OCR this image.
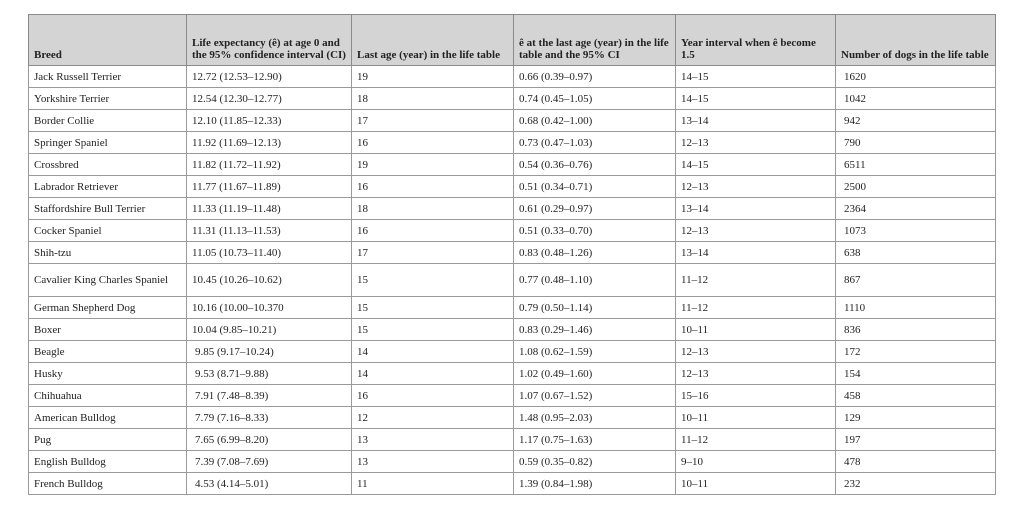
Breed	Life expectancy (ê) at age 0 and the 95% confidence interval (CI)	Last age (year) in the life table	ê at the last age (year) in the life table and the 95% CI	Year interval when ê become 1.5	Number of dogs in the life table
Jack Russell Terrier	12.72 (12.53–12.90)	19	0.66 (0.39–0.97)	14–15	1620
Yorkshire Terrier	12.54 (12.30–12.77)	18	0.74 (0.45–1.05)	14–15	1042
Border Collie	12.10 (11.85–12.33)	17	0.68 (0.42–1.00)	13–14	942
Springer Spaniel	11.92 (11.69–12.13)	16	0.73 (0.47–1.03)	12–13	790
Crossbred	11.82 (11.72–11.92)	19	0.54 (0.36–0.76)	14–15	6511
Labrador Retriever	11.77 (11.67–11.89)	16	0.51 (0.34–0.71)	12–13	2500
Staffordshire Bull Terrier	11.33 (11.19–11.48)	18	0.61 (0.29–0.97)	13–14	2364
Cocker Spaniel	11.31 (11.13–11.53)	16	0.51 (0.33–0.70)	12–13	1073
Shih-tzu	11.05 (10.73–11.40)	17	0.83 (0.48–1.26)	13–14	638
Cavalier King Charles Spaniel	10.45 (10.26–10.62)	15	0.77 (0.48–1.10)	11–12	867
German Shepherd Dog	10.16 (10.00–10.370	15	0.79 (0.50–1.14)	11–12	1110
Boxer	10.04 (9.85–10.21)	15	0.83 (0.29–1.46)	10–11	836
Beagle	9.85 (9.17–10.24)	14	1.08 (0.62–1.59)	12–13	172
Husky	9.53 (8.71–9.88)	14	1.02 (0.49–1.60)	12–13	154
Chihuahua	7.91 (7.48–8.39)	16	1.07 (0.67–1.52)	15–16	458
American Bulldog	7.79 (7.16–8.33)	12	1.48 (0.95–2.03)	10–11	129
Pug	7.65 (6.99–8.20)	13	1.17 (0.75–1.63)	11–12	197
English Bulldog	7.39 (7.08–7.69)	13	0.59 (0.35–0.82)	9–10	478
French Bulldog	4.53 (4.14–5.01)	11	1.39 (0.84–1.98)	10–11	232
